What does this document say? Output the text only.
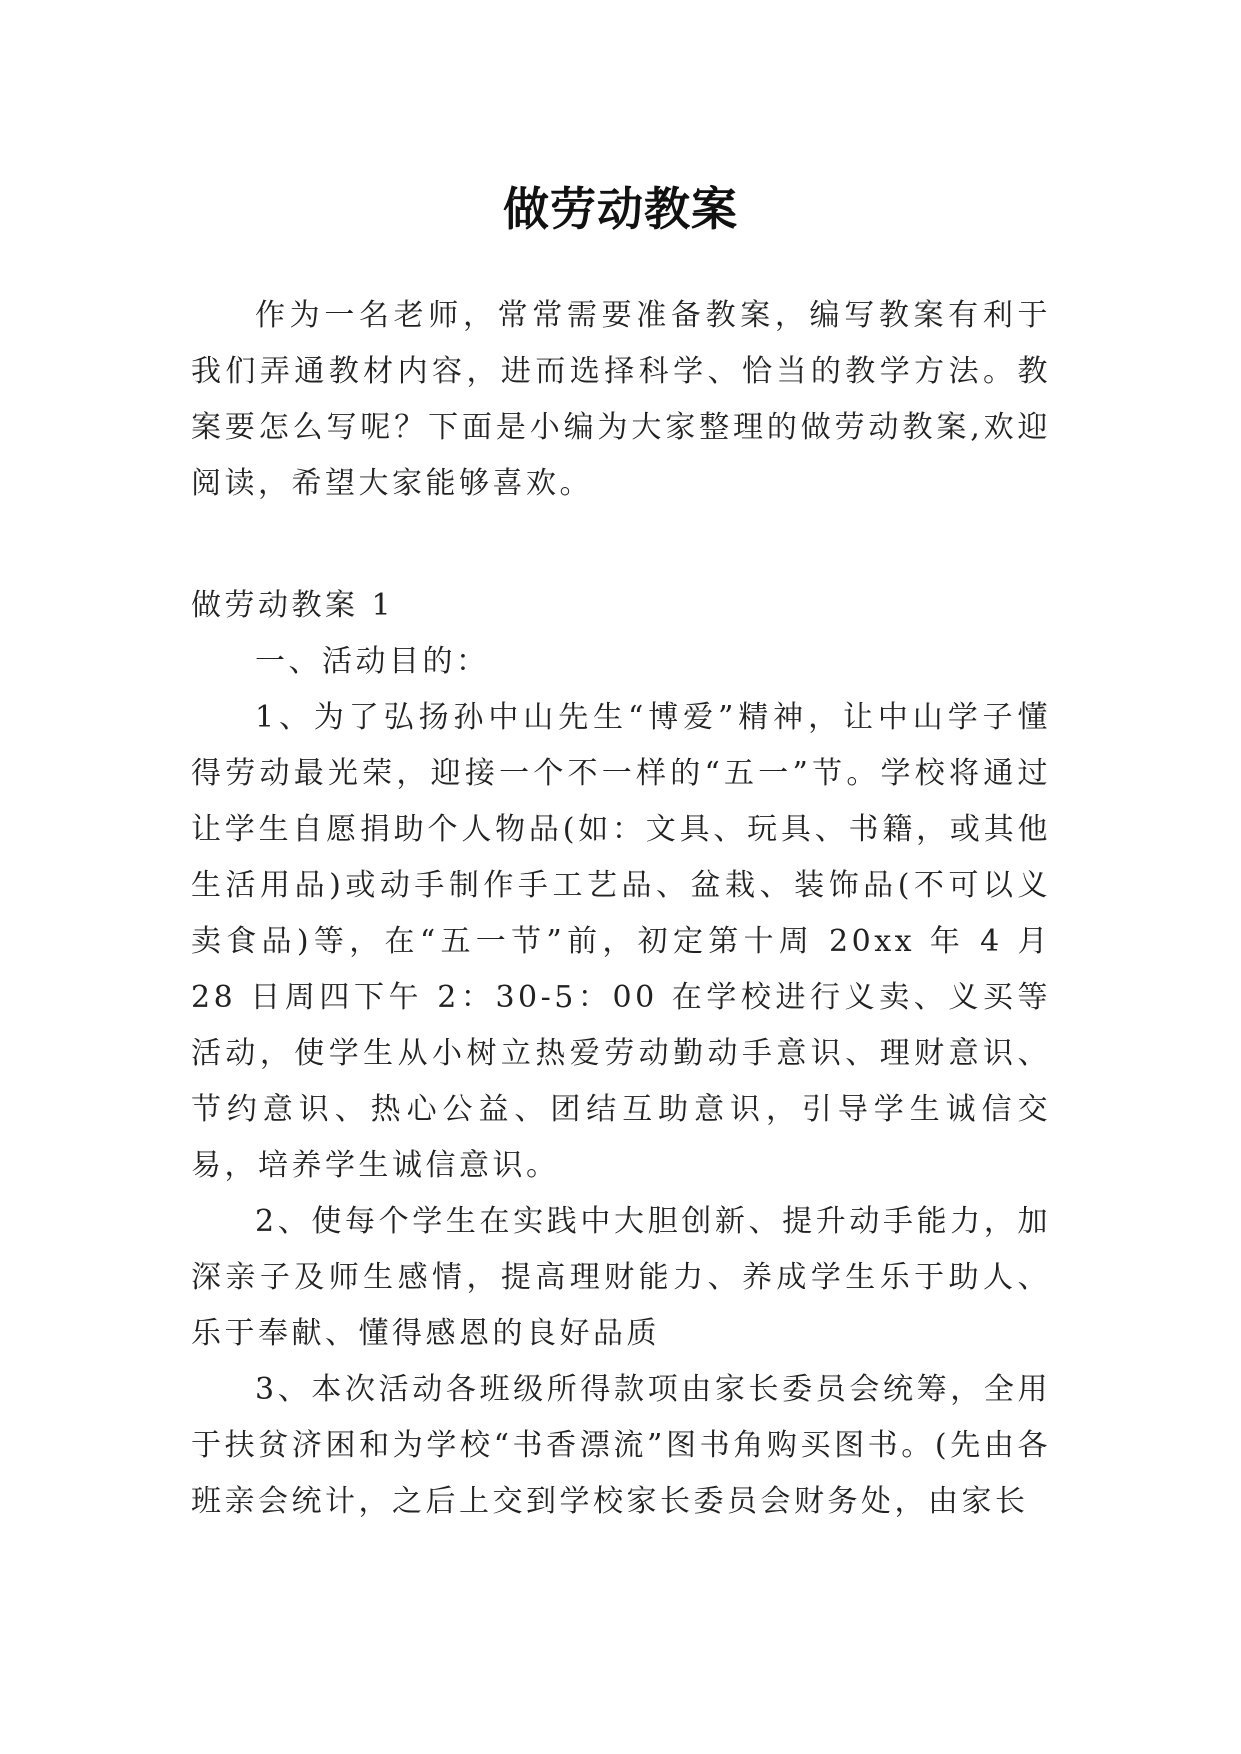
做劳动教案

作为一名老师，常常需要准备教案，编写教案有利于我们弄通教材内容，进而选择科学、恰当的教学方法。教案要怎么写呢？下面是小编为大家整理的做劳动教案,欢迎阅读，希望大家能够喜欢。

做劳动教案 1

一、活动目的：

1、为了弘扬孙中山先生“博爱”精神，让中山学子懂得劳动最光荣，迎接一个不一样的“五一”节。学校将通过让学生自愿捐助个人物品(如：文具、玩具、书籍，或其他生活用品)或动手制作手工艺品、盆栽、装饰品(不可以义卖食品)等，在“五一节”前，初定第十周 20xx 年 4 月 28 日周四下午 2：30-5：00 在学校进行义卖、义买等活动，使学生从小树立热爱劳动勤动手意识、理财意识、节约意识、热心公益、团结互助意识，引导学生诚信交易，培养学生诚信意识。

2、使每个学生在实践中大胆创新、提升动手能力，加深亲子及师生感情，提高理财能力、养成学生乐于助人、乐于奉献、懂得感恩的良好品质

3、本次活动各班级所得款项由家长委员会统筹，全用于扶贫济困和为学校“书香漂流”图书角购买图书。(先由各班亲会统计，之后上交到学校家长委员会财务处，由家长
